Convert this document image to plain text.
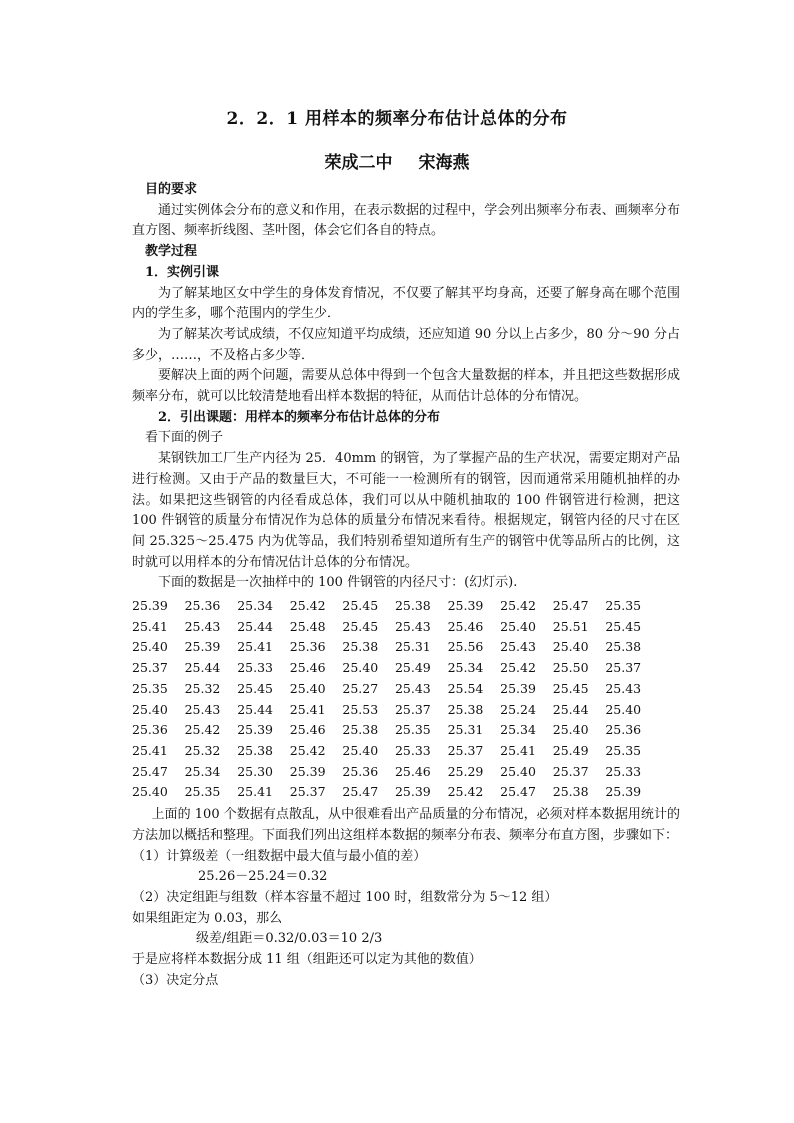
2．2．1 用样本的频率分布估计总体的分布
荣成二中 宋海燕

目的要求

通过实例体会分布的意义和作用，在表示数据的过程中，学会列出频率分布表、画频率分布直方图、频率折线图、茎叶图，体会它们各自的特点。

教学过程

1．实例引课

为了解某地区女中学生的身体发育情况，不仅要了解其平均身高，还要了解身高在哪个范围内的学生多，哪个范围内的学生少．

为了解某次考试成绩，不仅应知道平均成绩，还应知道 90 分以上占多少，80 分～90 分占多少，……，不及格占多少等．

要解决上面的两个问题，需要从总体中得到一个包含大量数据的样本，并且把这些数据形成频率分布，就可以比较清楚地看出样本数据的特征，从而估计总体的分布情况。

2．引出课题：用样本的频率分布估计总体的分布

看下面的例子

某钢铁加工厂生产内径为 25．40mm 的钢管，为了掌握产品的生产状况，需要定期对产品进行检测。又由于产品的数量巨大，不可能一一检测所有的钢管，因而通常采用随机抽样的办法。如果把这些钢管的内径看成总体，我们可以从中随机抽取的 100 件钢管进行检测，把这 100 件钢管的质量分布情况作为总体的质量分布情况来看待。根据规定，钢管内径的尺寸在区间 25.325～25.475 内为优等品，我们特别希望知道所有生产的钢管中优等品所占的比例，这时就可以用样本的分布情况估计总体的分布情况。

下面的数据是一次抽样中的 100 件钢管的内径尺寸：(幻灯示).

25.39	25.36	25.34	25.42	25.45	25.38	25.39	25.42	25.47	25.35
25.41	25.43	25.44	25.48	25.45	25.43	25.46	25.40	25.51	25.45
25.40	25.39	25.41	25.36	25.38	25.31	25.56	25.43	25.40	25.38
25.37	25.44	25.33	25.46	25.40	25.49	25.34	25.42	25.50	25.37
25.35	25.32	25.45	25.40	25.27	25.43	25.54	25.39	25.45	25.43
25.40	25.43	25.44	25.41	25.53	25.37	25.38	25.24	25.44	25.40
25.36	25.42	25.39	25.46	25.38	25.35	25.31	25.34	25.40	25.36
25.41	25.32	25.38	25.42	25.40	25.33	25.37	25.41	25.49	25.35
25.47	25.34	25.30	25.39	25.36	25.46	25.29	25.40	25.37	25.33
25.40	25.35	25.41	25.37	25.47	25.39	25.42	25.47	25.38	25.39

上面的 100 个数据有点散乱，从中很难看出产品质量的分布情况，必须对样本数据用统计的方法加以概括和整理。下面我们列出这组样本数据的频率分布表、频率分布直方图，步骤如下：

（1）计算级差（一组数据中最大值与最小值的差）

25.26－25.24＝0.32

（2）决定组距与组数（样本容量不超过 100 时，组数常分为 5～12 组）

如果组距定为 0.03，那么

级差/组距＝0.32/0.03＝10 2/3

于是应将样本数据分成 11 组（组距还可以定为其他的数值）

（3）决定分点
